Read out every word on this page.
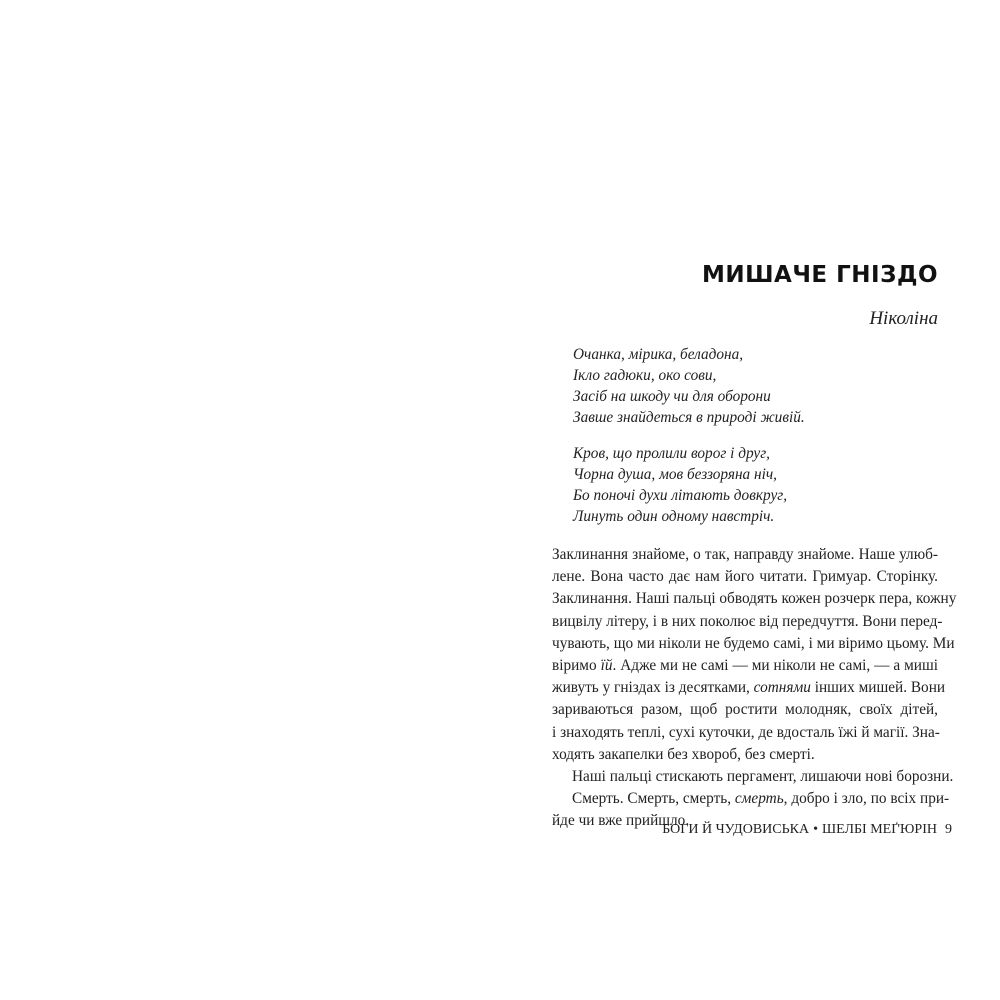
МИШАЧЕ ГНІЗДО

Ніколіна

Очанка, мірика, беладона,
Ікло гадюки, око сови,
Засіб на шкоду чи для оборони
Завше знайдеться в природі живій.
Кров, що пролили ворог і друг,
Чорна душа, мов беззоряна ніч,
Бо поночі духи літають довкруг,
Линуть один одному навстріч.
Заклинання знайоме, о так, направду знайоме. Наше улюб-
лене. Вона часто дає нам його читати. Гримуар. Сторінку.
Заклинання. Наші пальці обводять кожен розчерк пера, кожну
вицвілу літеру, і в них поколює від передчуття. Вони перед-
чувають, що ми ніколи не будемо самі, і ми віримо цьому. Ми
віримо їй. Адже ми не самі — ми ніколи не самі, — а миші
живуть у гніздах із десятками, сотнями інших мишей. Вони
зариваються разом, щоб ростити молодняк, своїх дітей,
і знаходять теплі, сухі куточки, де вдосталь їжі й магії. Зна-
ходять закапелки без хвороб, без смерті.
Наші пальці стискають пергамент, лишаючи нові борозни.
Смерть. Смерть, смерть, смерть, добро і зло, по всіх при-
йде чи вже прийшло.
БОГИ Й ЧУДОВИСЬКА • ШЕЛБІ МЕҐ'ЮРІН 9
